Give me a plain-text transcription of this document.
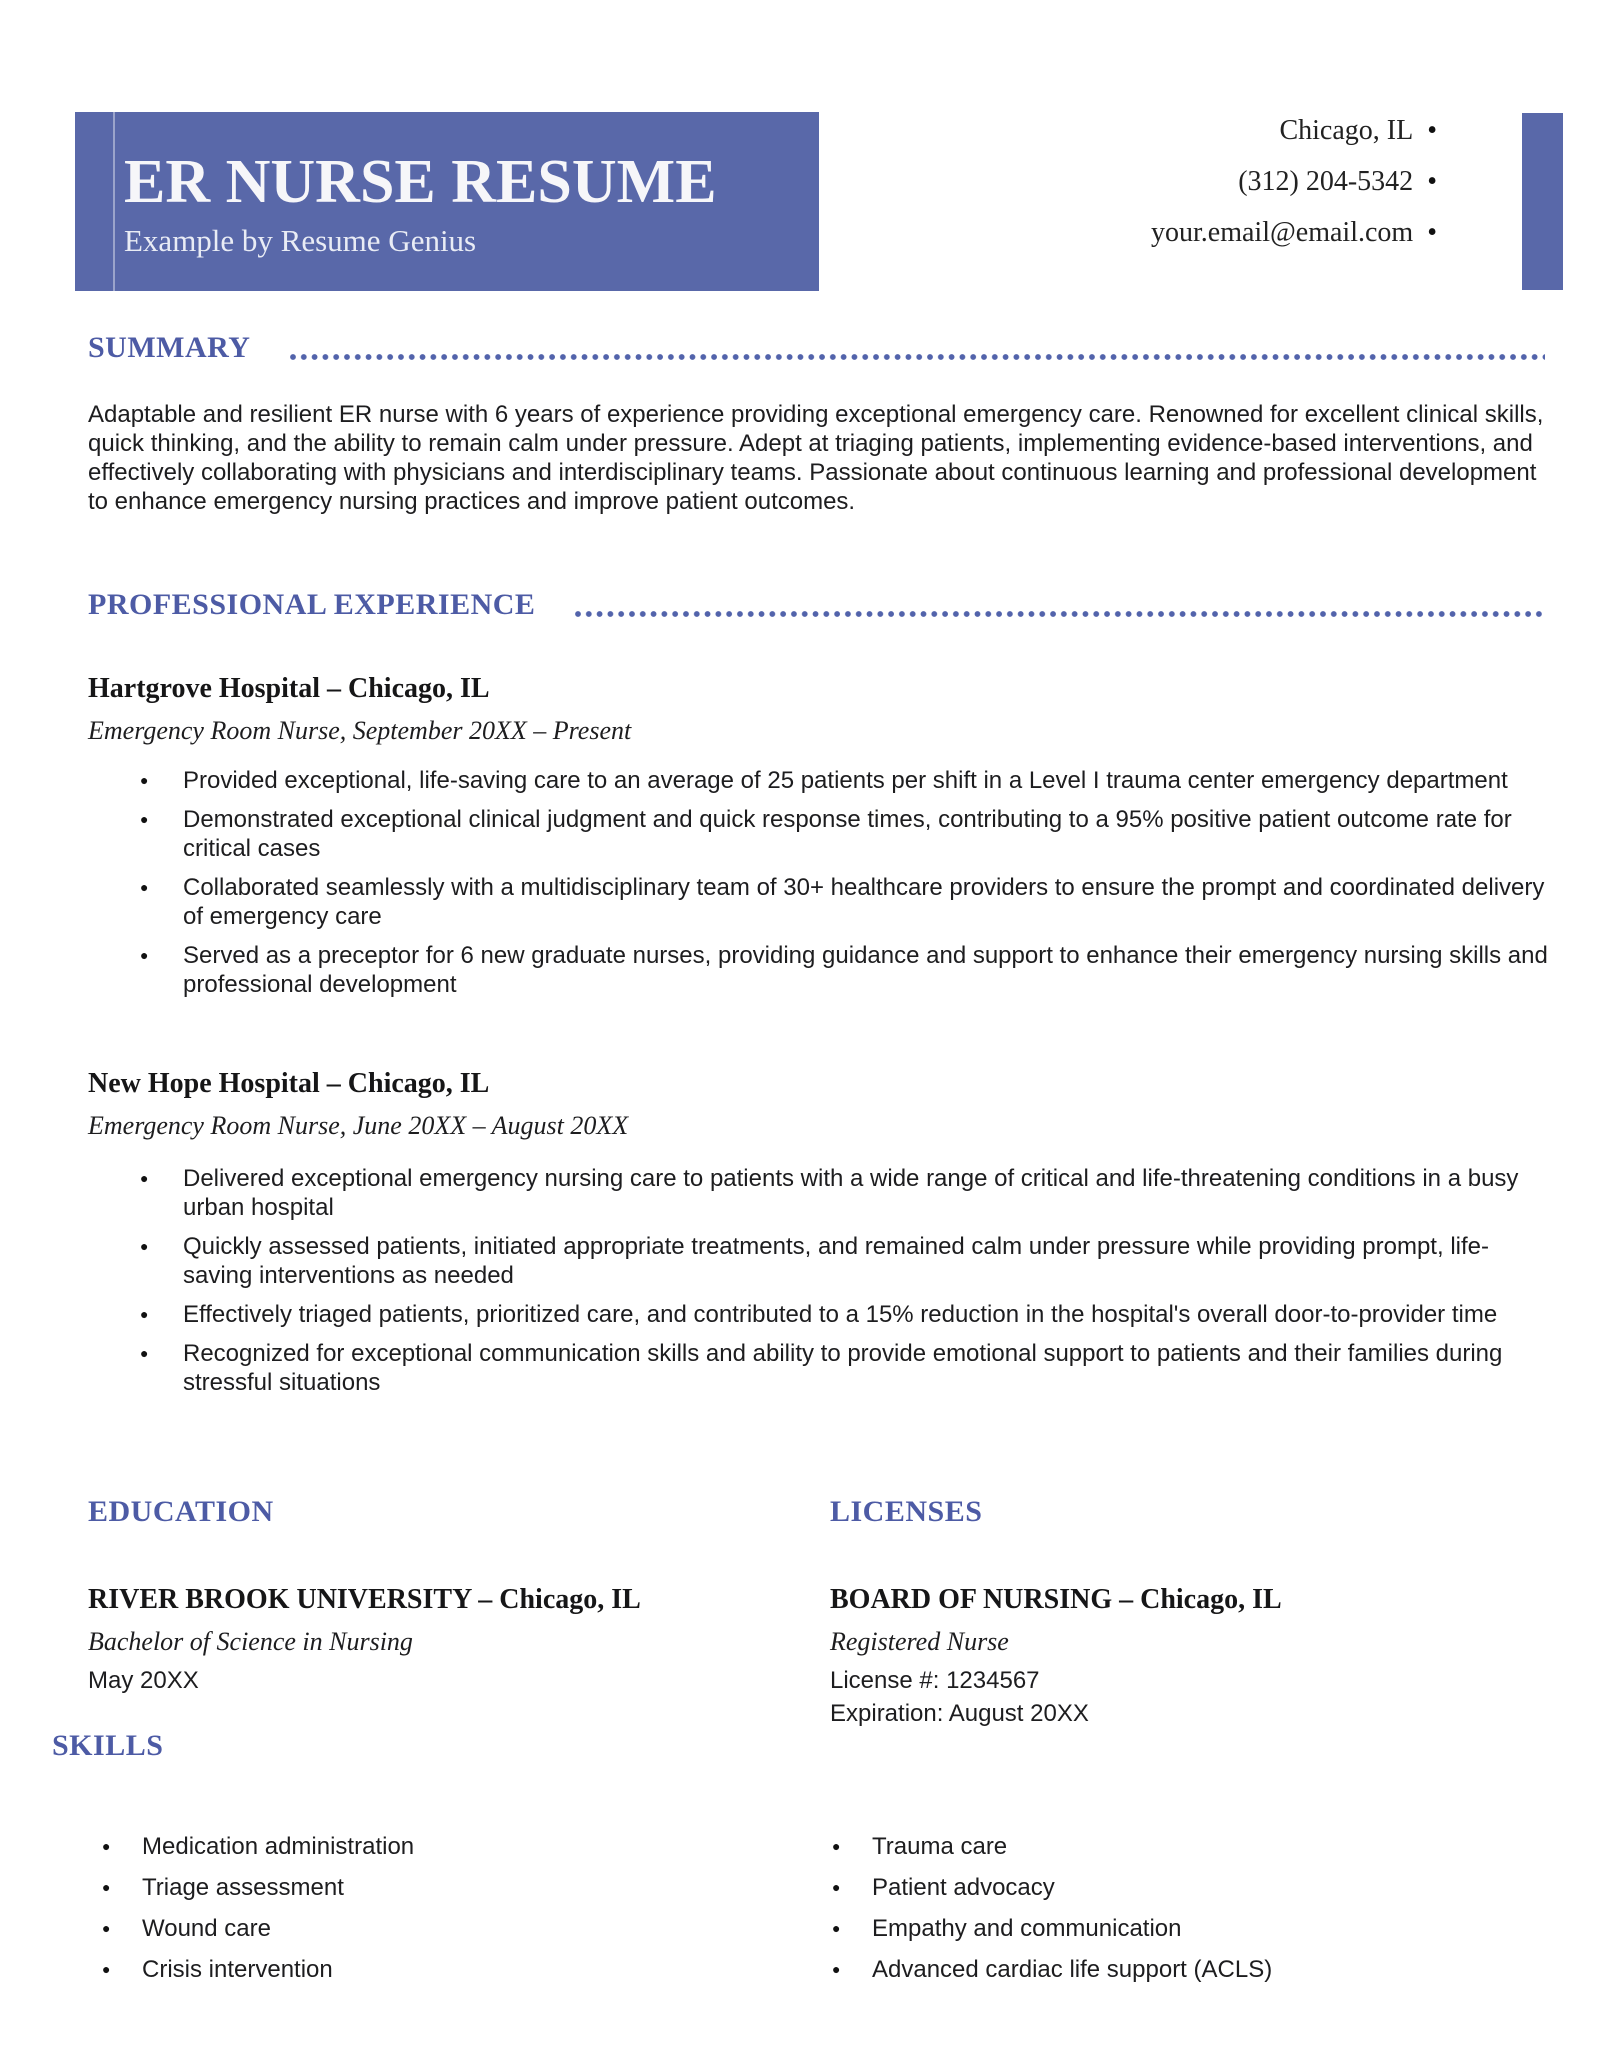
ER NURSE RESUME
Example by Resume Genius
Chicago, IL •
(312) 204-5342 •
your.email@email.com •
SUMMARY

Adaptable and resilient ER nurse with 6 years of experience providing exceptional emergency care. Renowned for excellent clinical skills, quick thinking, and the ability to remain calm under pressure. Adept at triaging patients, implementing evidence-based interventions, and effectively collaborating with physicians and interdisciplinary teams. Passionate about continuous learning and professional development to enhance emergency nursing practices and improve patient outcomes.

PROFESSIONAL EXPERIENCE
Hartgrove Hospital – Chicago, IL

Emergency Room Nurse, September 20XX – Present

● Provided exceptional, life-saving care to an average of 25 patients per shift in a Level I trauma center emergency department
● Demonstrated exceptional clinical judgment and quick response times, contributing to a 95% positive patient outcome rate for critical cases
● Collaborated seamlessly with a multidisciplinary team of 30+ healthcare providers to ensure the prompt and coordinated delivery of emergency care
● Served as a preceptor for 6 new graduate nurses, providing guidance and support to enhance their emergency nursing skills and professional development
New Hope Hospital – Chicago, IL

Emergency Room Nurse, June 20XX – August 20XX

● Delivered exceptional emergency nursing care to patients with a wide range of critical and life-threatening conditions in a busy urban hospital
● Quickly assessed patients, initiated appropriate treatments, and remained calm under pressure while providing prompt, life-saving interventions as needed
● Effectively triaged patients, prioritized care, and contributed to a 15% reduction in the hospital's overall door-to-provider time
● Recognized for exceptional communication skills and ability to provide emotional support to patients and their families during stressful situations
EDUCATION	LICENSES
RIVER BROOK UNIVERSITY – Chicago, IL

Bachelor of Science in Nursing

May 20XX

BOARD OF NURSING – Chicago, IL

Registered Nurse

License #: 1234567

Expiration: August 20XX

SKILLS
● Medication administration
● Triage assessment
● Wound care
● Crisis intervention
● Trauma care
● Patient advocacy
● Empathy and communication
● Advanced cardiac life support (ACLS)
